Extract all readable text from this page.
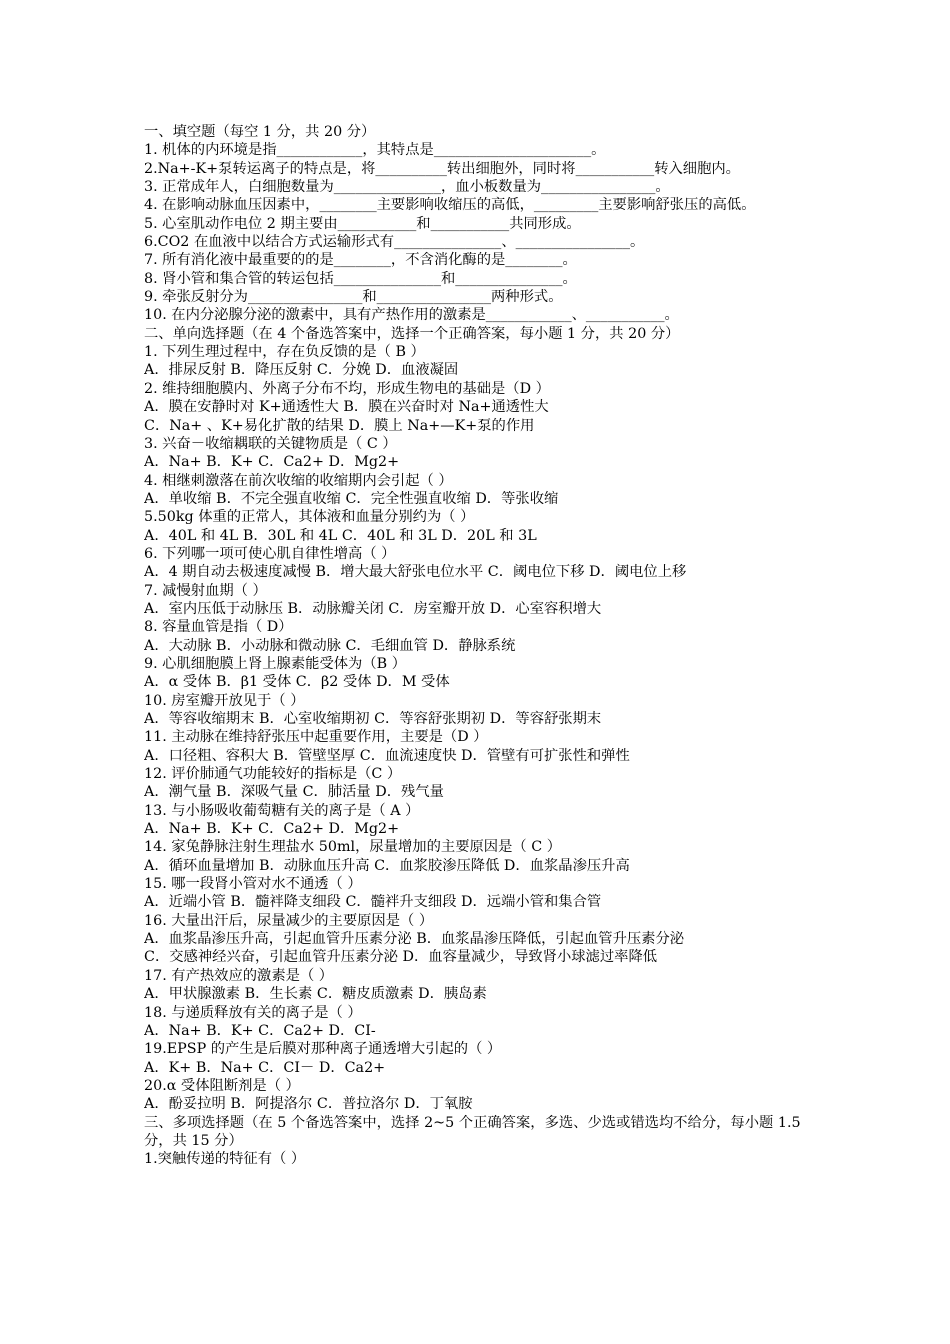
一、填空题（每空 1 分，共 20 分）
1. 机体的内环境是指____________，其特点是______________________。
2.Na+-K+泵转运离子的特点是，将__________转出细胞外，同时将___________转入细胞内。
3. 正常成年人，白细胞数量为_______________，血小板数量为________________。
4. 在影响动脉血压因素中，________主要影响收缩压的高低，_________主要影响舒张压的高低。
5. 心室肌动作电位 2 期主要由___________和___________共同形成。
6.CO2 在血液中以结合方式运输形式有_______________、________________。
7. 所有消化液中最重要的的是________，不含消化酶的是________。
8. 肾小管和集合管的转运包括_______________和_______________。
9. 牵张反射分为________________和________________两种形式。
10. 在内分泌腺分泌的激素中，具有产热作用的激素是____________、___________。
二、单向选择题（在 4 个备选答案中，选择一个正确答案，每小题 1 分，共 20 分）
1. 下列生理过程中，存在负反馈的是（ B ）
A．排尿反射 B．降压反射 C．分娩 D．血液凝固
2. 维持细胞膜内、外离子分布不均，形成生物电的基础是（D ）
A．膜在安静时对 K+通透性大 B．膜在兴奋时对 Na+通透性大
C．Na+ 、K+易化扩散的结果 D．膜上 Na+—K+泵的作用
3. 兴奋－收缩耦联的关键物质是（ C ）
A．Na+ B．K+ C．Ca2+ D．Mg2+
4. 相继刺激落在前次收缩的收缩期内会引起（ ）
A．单收缩 B．不完全强直收缩 C．完全性强直收缩 D．等张收缩
5.50kg 体重的正常人，其体液和血量分别约为（ ）
A．40L 和 4L B．30L 和 4L C．40L 和 3L D．20L 和 3L
6. 下列哪一项可使心肌自律性增高（ ）
A．4 期自动去极速度减慢 B．增大最大舒张电位水平 C．阈电位下移 D．阈电位上移
7. 减慢射血期（ ）
A．室内压低于动脉压 B．动脉瓣关闭 C．房室瓣开放 D．心室容积增大
8. 容量血管是指（ D）
A．大动脉 B．小动脉和微动脉 C．毛细血管 D．静脉系统
9. 心肌细胞膜上肾上腺素能受体为（B ）
A．α 受体 B．β1 受体 C．β2 受体 D．M 受体
10. 房室瓣开放见于（ ）
A．等容收缩期末 B．心室收缩期初 C．等容舒张期初 D．等容舒张期末
11. 主动脉在维持舒张压中起重要作用，主要是（D ）
A．口径粗、容积大 B．管壁坚厚 C．血流速度快 D．管壁有可扩张性和弹性
12. 评价肺通气功能较好的指标是（C ）
A．潮气量 B．深吸气量 C．肺活量 D．残气量
13. 与小肠吸收葡萄糖有关的离子是（ A ）
A．Na+ B．K+ C．Ca2+ D．Mg2+
14. 家兔静脉注射生理盐水 50ml，尿量增加的主要原因是（ C ）
A．循环血量增加 B．动脉血压升高 C．血浆胶渗压降低 D．血浆晶渗压升高
15. 哪一段肾小管对水不通透（ ）
A．近端小管 B．髓袢降支细段 C．髓袢升支细段 D．远端小管和集合管
16. 大量出汗后，尿量减少的主要原因是（ ）
A．血浆晶渗压升高，引起血管升压素分泌 B．血浆晶渗压降低，引起血管升压素分泌
C．交感神经兴奋，引起血管升压素分泌 D．血容量减少，导致肾小球滤过率降低
17. 有产热效应的激素是（ ）
A．甲状腺激素 B．生长素 C．糖皮质激素 D．胰岛素
18. 与递质释放有关的离子是（ ）
A．Na+ B．K+ C．Ca2+ D．CI-
19.EPSP 的产生是后膜对那种离子通透增大引起的（ ）
A．K+ B．Na+ C．CI－ D．Ca2+
20.α 受体阻断剂是（ ）
A．酚妥拉明 B．阿提洛尔 C．普拉洛尔 D．丁氧胺
三、多项选择题（在 5 个备选答案中，选择 2~5 个正确答案，多选、少选或错选均不给分，每小题 1.5 分，共 15 分）
1.突触传递的特征有（ ）
